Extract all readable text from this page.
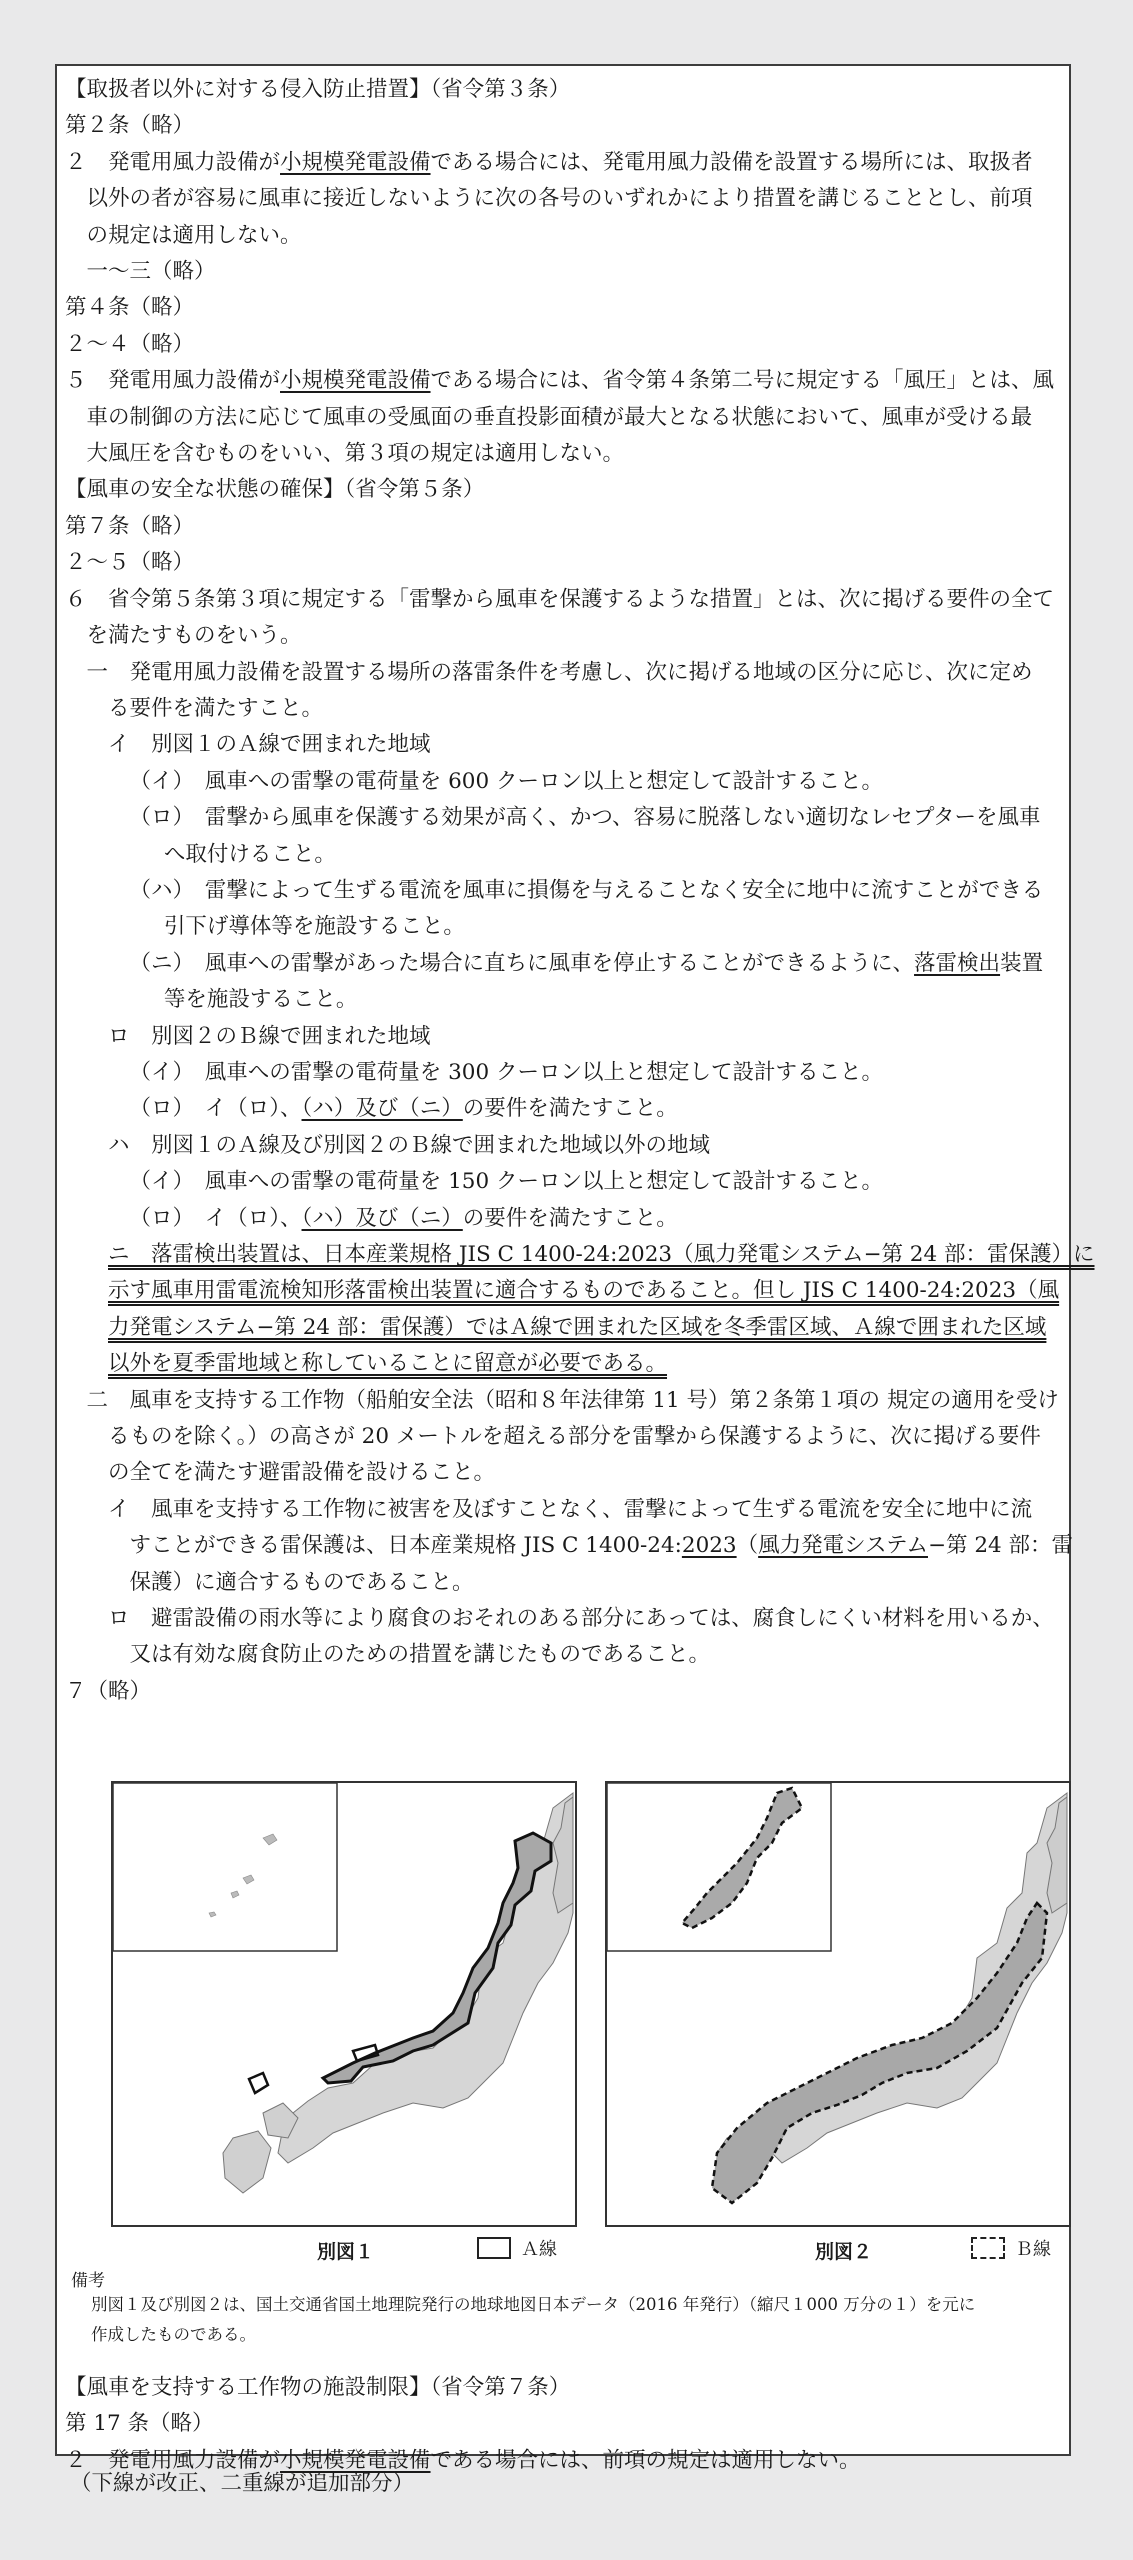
【取扱者以外に対する侵入防止措置】（省令第３条）

第２条（略）

２　発電用風力設備が小規模発電設備である場合には、発電用風力設備を設置する場所には、取扱者

以外の者が容易に風車に接近しないように次の各号のいずれかにより措置を講じることとし、前項

の規定は適用しない。

一～三（略）

第４条（略）

２～４（略）

５　発電用風力設備が小規模発電設備である場合には、省令第４条第二号に規定する「風圧」とは、風

車の制御の方法に応じて風車の受風面の垂直投影面積が最大となる状態において、風車が受ける最

大風圧を含むものをいい、第３項の規定は適用しない。

【風車の安全な状態の確保】（省令第５条）

第７条（略）

２～５（略）

６　省令第５条第３項に規定する「雷撃から風車を保護するような措置」とは、次に掲げる要件の全て

を満たすものをいう。

一　発電用風力設備を設置する場所の落雷条件を考慮し、次に掲げる地域の区分に応じ、次に定め

る要件を満たすこと。

イ　別図１のＡ線で囲まれた地域

（イ）　風車への雷撃の電荷量を 600 クーロン以上と想定して設計すること。

（ロ）　雷撃から風車を保護する効果が高く、かつ、容易に脱落しない適切なレセプターを風車

へ取付けること。

（ハ）　雷撃によって生ずる電流を風車に損傷を与えることなく安全に地中に流すことができる

引下げ導体等を施設すること。

（ニ）　風車への雷撃があった場合に直ちに風車を停止することができるように、落雷検出装置

等を施設すること。

ロ　別図２のＢ線で囲まれた地域

（イ）　風車への雷撃の電荷量を 300 クーロン以上と想定して設計すること。

（ロ）　イ（ロ）、（ハ）及び（ニ）の要件を満たすこと。

ハ　別図１のＡ線及び別図２のＢ線で囲まれた地域以外の地域

（イ）　風車への雷撃の電荷量を 150 クーロン以上と想定して設計すること。

（ロ）　イ（ロ）、（ハ）及び（ニ）の要件を満たすこと。

ニ　落雷検出装置は、日本産業規格 JIS C 1400-24:2023（風力発電システム−第 24 部：雷保護）に

示す風車用雷電流検知形落雷検出装置に適合するものであること。但し JIS C 1400-24:2023（風

力発電システム−第 24 部：雷保護）ではＡ線で囲まれた区域を冬季雷区域、Ａ線で囲まれた区域

以外を夏季雷地域と称していることに留意が必要である。

二　風車を支持する工作物（船舶安全法（昭和８年法律第 11 号）第２条第１項の 規定の適用を受け

るものを除く。）の高さが 20 メートルを超える部分を雷撃から保護するように、次に掲げる要件

の全てを満たす避雷設備を設けること。

イ　風車を支持する工作物に被害を及ぼすことなく、雷撃によって生ずる電流を安全に地中に流

すことができる雷保護は、日本産業規格 JIS C 1400-24:2023（風力発電システム−第 24 部：雷

保護）に適合するものであること。

ロ　避雷設備の雨水等により腐食のおそれのある部分にあっては、腐食しにくい材料を用いるか、

又は有効な腐食防止のための措置を講じたものであること。

７（略）

別図１	Ａ線	別図２	Ｂ線
備考
別図１及び別図２は、国土交通省国土地理院発行の地球地図日本データ（2016 年発行）（縮尺１000 万分の１）を元に
作成したものである。

【風車を支持する工作物の施設制限】（省令第７条）

第 17 条（略）

２　発電用風力設備が小規模発電設備である場合には、前項の規定は適用しない。

（下線が改正、二重線が追加部分）
